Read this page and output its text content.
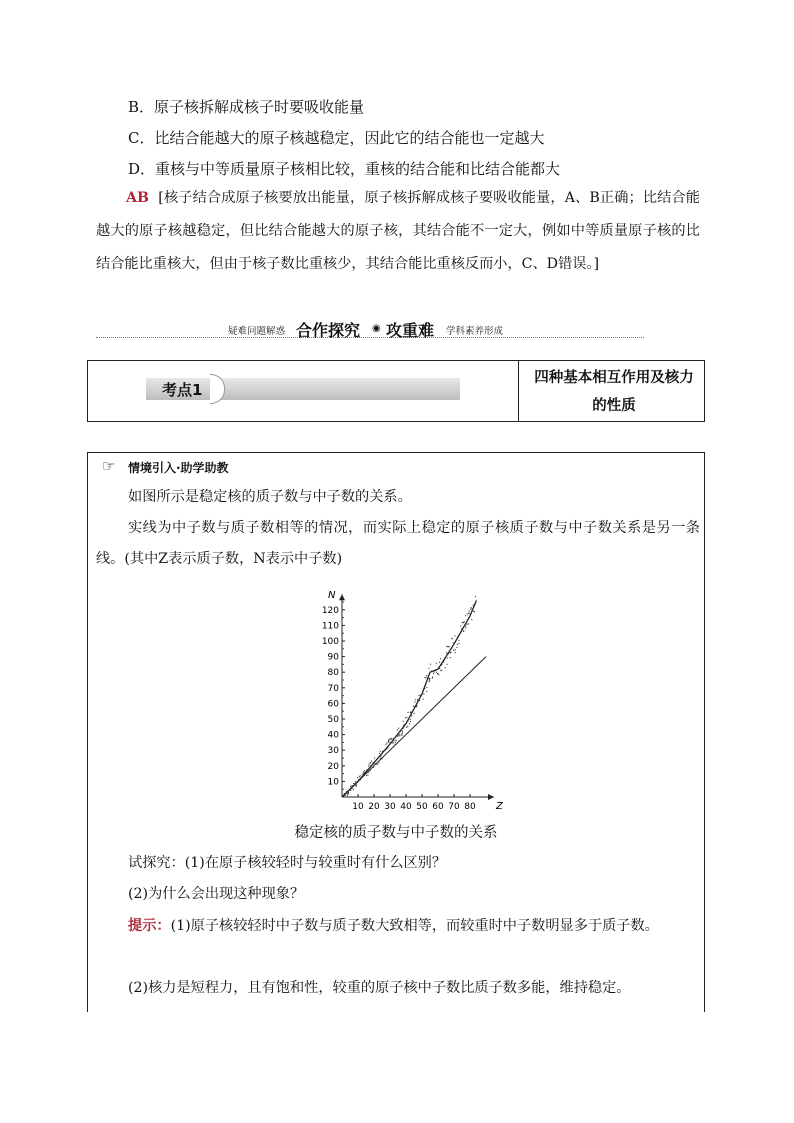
B．原子核拆解成核子时要吸收能量
C．比结合能越大的原子核越稳定，因此它的结合能也一定越大
D．重核与中等质量原子核相比较，重核的结合能和比结合能都大
AB [核子结合成原子核要放出能量，原子核拆解成核子要吸收能量，A、B正确；比结合能越大的原子核越稳定，但比结合能越大的原子核，其结合能不一定大，例如中等质量原子核的比结合能比重核大，但由于核子数比重核少，其结合能比重核反而小，C、D错误。]
疑难问题解惑 合作探究 ◉ 攻重难 学科素养形成
考点1
四种基本相互作用及核力的性质
☞ 情境引入·助学助教
如图所示是稳定核的质子数与中子数的关系。
实线为中子数与质子数相等的情况，而实际上稳定的原子核质子数与中子数关系是另一条线。(其中Z表示质子数，N表示中子数)
Z
N
10 20 30 40 50 60 70 80
10
20
30
40
50
60
70
80
90
100
110
120
稳定核的质子数与中子数的关系
试探究：(1)在原子核较轻时与较重时有什么区别？
(2)为什么会出现这种现象？
提示：(1)原子核较轻时中子数与质子数大致相等，而较重时中子数明显多于质子数。
(2)核力是短程力，且有饱和性，较重的原子核中子数比质子数多能，维持稳定。
